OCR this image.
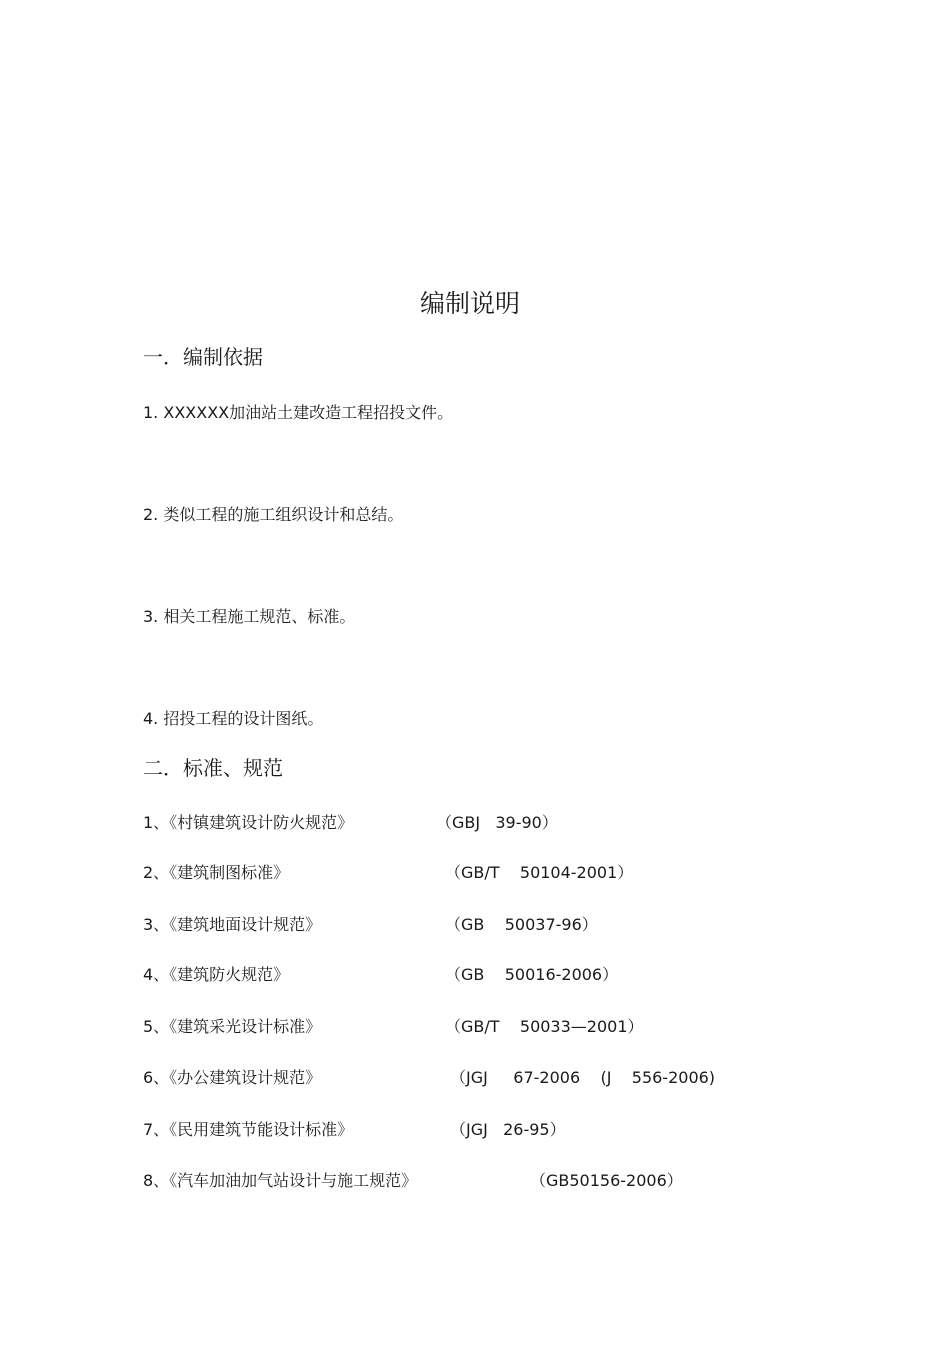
编制说明
一．编制依据
1. XXXXXX加油站土建改造工程招投文件。
2. 类似工程的施工组织设计和总结。
3. 相关工程施工规范、标准。
4. 招投工程的设计图纸。
二．标准、规范
1、《村镇建筑设计防火规范》	（GBJ   39-90）
2、《建筑制图标准》	（GB/T    50104-2001）
3、《建筑地面设计规范》	（GB    50037-96）
4、《建筑防火规范》	（GB    50016-2006）
5、《建筑采光设计标准》	（GB/T    50033—2001）
6、《办公建筑设计规范》	（JGJ     67-2006    (J    556-2006)
7、《民用建筑节能设计标准》	（JGJ   26-95）
8、《汽车加油加气站设计与施工规范》	（GB50156-2006）
